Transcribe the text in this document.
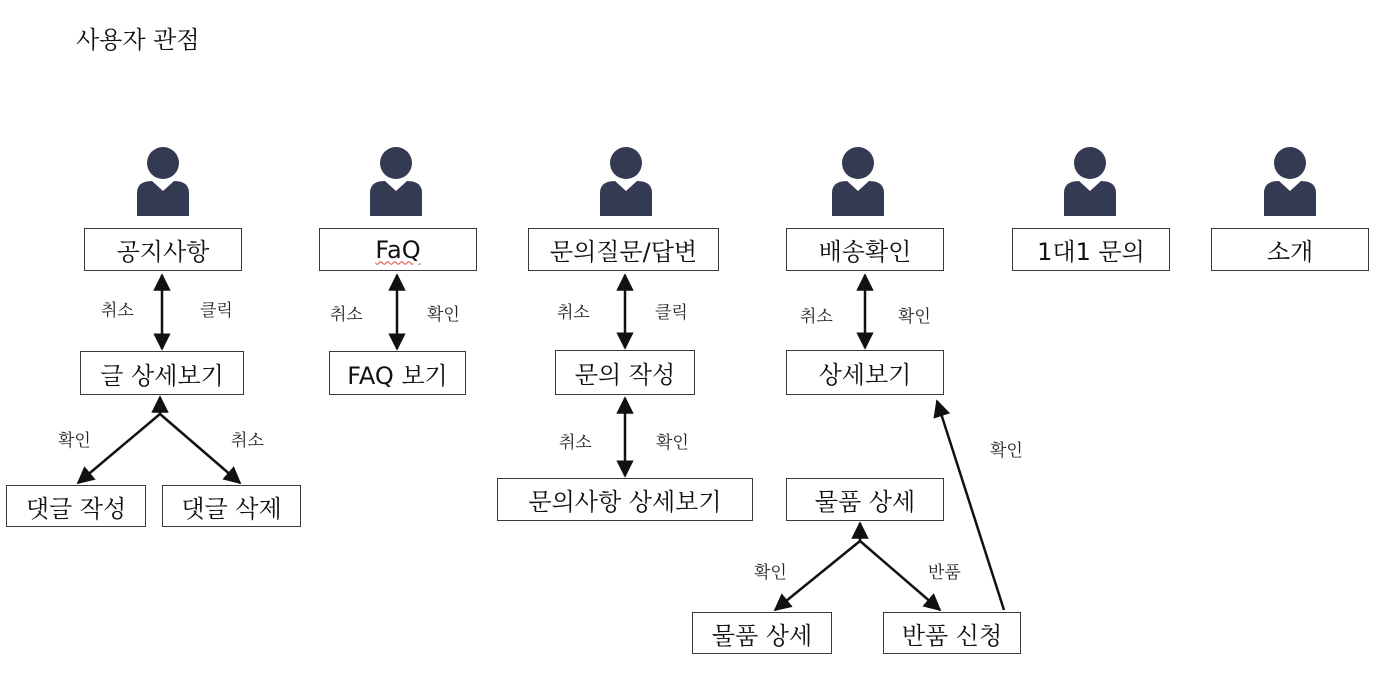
사용자 관점
공지사항
취소	클릭
글 상세보기
확인	취소
댓글 작성 댓글 삭제
FaQ
취소	확인
FAQ 보기
문의질문/답변
취소	클릭
문의 작성
취소	확인
문의사항 상세보기
배송확인
취소	확인
상세보기
확인
물품 상세
확인	반품
물품 상세	반품 신청
1대1 문의	소개
